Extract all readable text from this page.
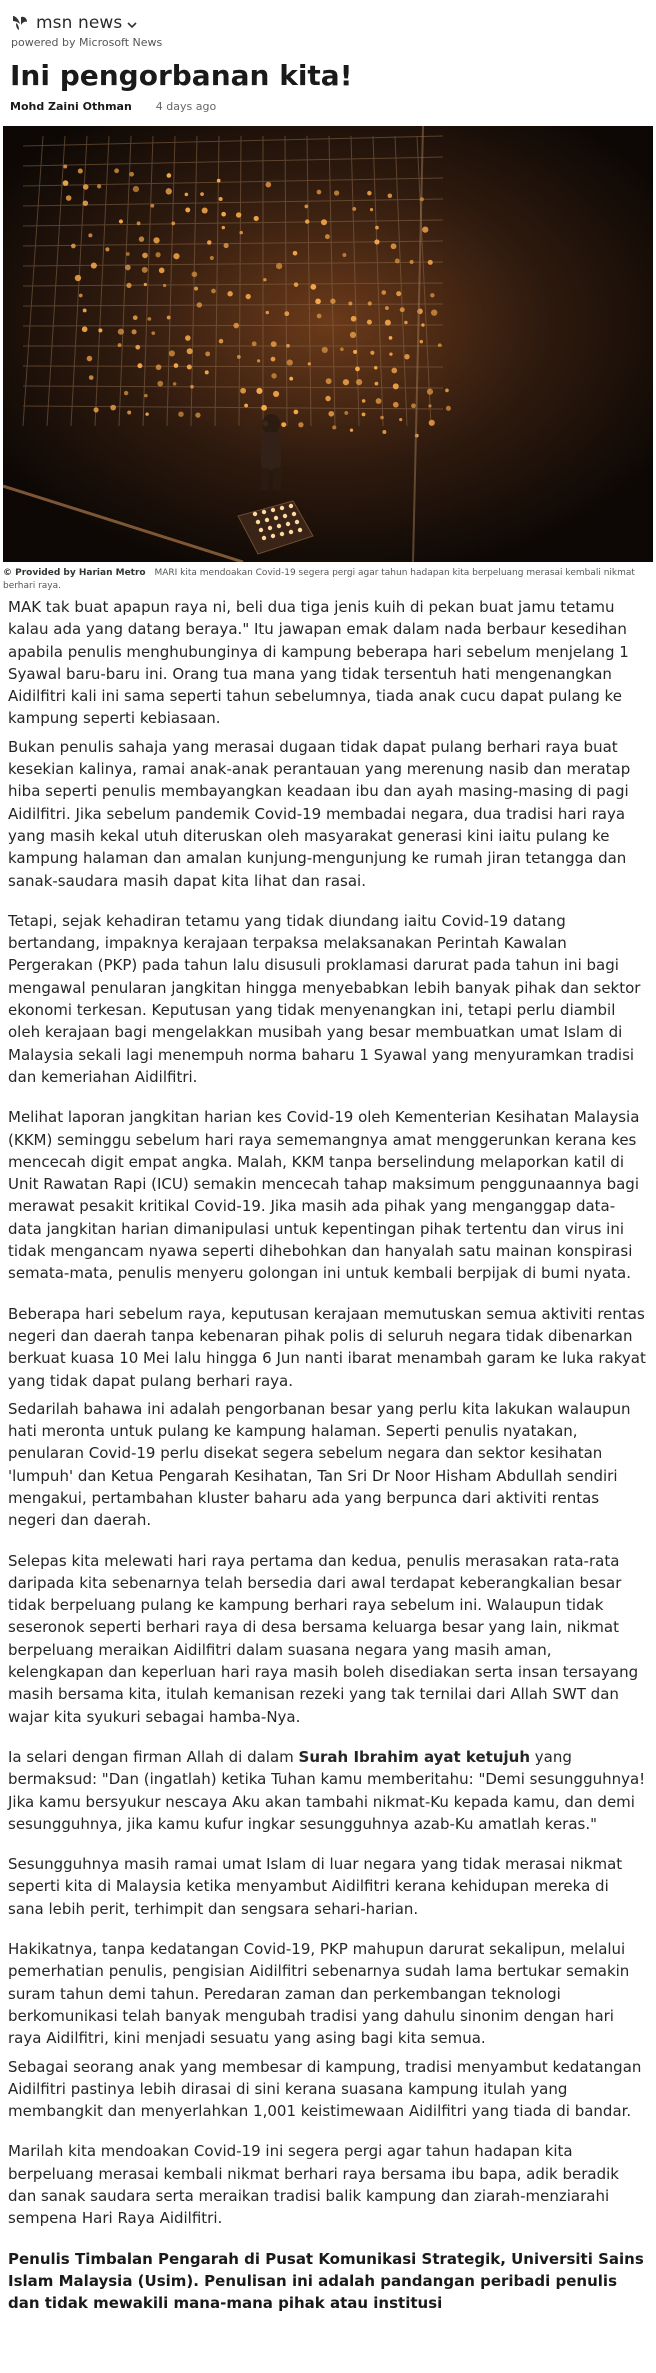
msn news
powered by Microsoft News
Ini pengorbanan kita!
Mohd Zaini Othman 4 days ago
© Provided by Harian Metro MARI kita mendoakan Covid-19 segera pergi agar tahun hadapan kita berpeluang merasai kembali nikmat berhari raya.

MAK tak buat apapun raya ni, beli dua tiga jenis kuih di pekan buat jamu tetamu kalau ada yang datang beraya." Itu jawapan emak dalam nada berbaur kesedihan apabila penulis menghubunginya di kampung beberapa hari sebelum menjelang 1 Syawal baru-baru ini. Orang tua mana yang tidak tersentuh hati mengenangkan Aidilfitri kali ini sama seperti tahun sebelumnya, tiada anak cucu dapat pulang ke kampung seperti kebiasaan.

Bukan penulis sahaja yang merasai dugaan tidak dapat pulang berhari raya buat kesekian kalinya, ramai anak-anak perantauan yang merenung nasib dan meratap hiba seperti penulis membayangkan keadaan ibu dan ayah masing-masing di pagi Aidilfitri. Jika sebelum pandemik Covid-19 membadai negara, dua tradisi hari raya yang masih kekal utuh diteruskan oleh masyarakat generasi kini iaitu pulang ke kampung halaman dan amalan kunjung-mengunjung ke rumah jiran tetangga dan sanak-saudara masih dapat kita lihat dan rasai.

Tetapi, sejak kehadiran tetamu yang tidak diundang iaitu Covid-19 datang bertandang, impaknya kerajaan terpaksa melaksanakan Perintah Kawalan Pergerakan (PKP) pada tahun lalu disusuli proklamasi darurat pada tahun ini bagi mengawal penularan jangkitan hingga menyebabkan lebih banyak pihak dan sektor ekonomi terkesan. Keputusan yang tidak menyenangkan ini, tetapi perlu diambil oleh kerajaan bagi mengelakkan musibah yang besar membuatkan umat Islam di Malaysia sekali lagi menempuh norma baharu 1 Syawal yang menyuramkan tradisi dan kemeriahan Aidilfitri.

Melihat laporan jangkitan harian kes Covid-19 oleh Kementerian Kesihatan Malaysia (KKM) seminggu sebelum hari raya sememangnya amat menggerunkan kerana kes mencecah digit empat angka. Malah, KKM tanpa berselindung melaporkan katil di Unit Rawatan Rapi (ICU) semakin mencecah tahap maksimum penggunaannya bagi merawat pesakit kritikal Covid-19. Jika masih ada pihak yang menganggap data-data jangkitan harian dimanipulasi untuk kepentingan pihak tertentu dan virus ini tidak mengancam nyawa seperti dihebohkan dan hanyalah satu mainan konspirasi semata-mata, penulis menyeru golongan ini untuk kembali berpijak di bumi nyata.

Beberapa hari sebelum raya, keputusan kerajaan memutuskan semua aktiviti rentas negeri dan daerah tanpa kebenaran pihak polis di seluruh negara tidak dibenarkan berkuat kuasa 10 Mei lalu hingga 6 Jun nanti ibarat menambah garam ke luka rakyat yang tidak dapat pulang berhari raya.

Sedarilah bahawa ini adalah pengorbanan besar yang perlu kita lakukan walaupun hati meronta untuk pulang ke kampung halaman. Seperti penulis nyatakan, penularan Covid-19 perlu disekat segera sebelum negara dan sektor kesihatan 'lumpuh' dan Ketua Pengarah Kesihatan, Tan Sri Dr Noor Hisham Abdullah sendiri mengakui, pertambahan kluster baharu ada yang berpunca dari aktiviti rentas negeri dan daerah.

Selepas kita melewati hari raya pertama dan kedua, penulis merasakan rata-rata daripada kita sebenarnya telah bersedia dari awal terdapat keberangkalian besar tidak berpeluang pulang ke kampung berhari raya sebelum ini. Walaupun tidak seseronok seperti berhari raya di desa bersama keluarga besar yang lain, nikmat berpeluang meraikan Aidilfitri dalam suasana negara yang masih aman, kelengkapan dan keperluan hari raya masih boleh disediakan serta insan tersayang masih bersama kita, itulah kemanisan rezeki yang tak ternilai dari Allah SWT dan wajar kita syukuri sebagai hamba-Nya.

Ia selari dengan firman Allah di dalam Surah Ibrahim ayat ketujuh yang bermaksud: "Dan (ingatlah) ketika Tuhan kamu memberitahu: "Demi sesungguhnya! Jika kamu bersyukur nescaya Aku akan tambahi nikmat-Ku kepada kamu, dan demi sesungguhnya, jika kamu kufur ingkar sesungguhnya azab-Ku amatlah keras."

Sesungguhnya masih ramai umat Islam di luar negara yang tidak merasai nikmat seperti kita di Malaysia ketika menyambut Aidilfitri kerana kehidupan mereka di sana lebih perit, terhimpit dan sengsara sehari-harian.

Hakikatnya, tanpa kedatangan Covid-19, PKP mahupun darurat sekalipun, melalui pemerhatian penulis, pengisian Aidilfitri sebenarnya sudah lama bertukar semakin suram tahun demi tahun. Peredaran zaman dan perkembangan teknologi berkomunikasi telah banyak mengubah tradisi yang dahulu sinonim dengan hari raya Aidilfitri, kini menjadi sesuatu yang asing bagi kita semua.

Sebagai seorang anak yang membesar di kampung, tradisi menyambut kedatangan Aidilfitri pastinya lebih dirasai di sini kerana suasana kampung itulah yang membangkit dan menyerlahkan 1,001 keistimewaan Aidilfitri yang tiada di bandar.

Marilah kita mendoakan Covid-19 ini segera pergi agar tahun hadapan kita berpeluang merasai kembali nikmat berhari raya bersama ibu bapa, adik beradik dan sanak saudara serta meraikan tradisi balik kampung dan ziarah-menziarahi sempena Hari Raya Aidilfitri.

Penulis Timbalan Pengarah di Pusat Komunikasi Strategik, Universiti Sains Islam Malaysia (Usim). Penulisan ini adalah pandangan peribadi penulis dan tidak mewakili mana-mana pihak atau institusi
